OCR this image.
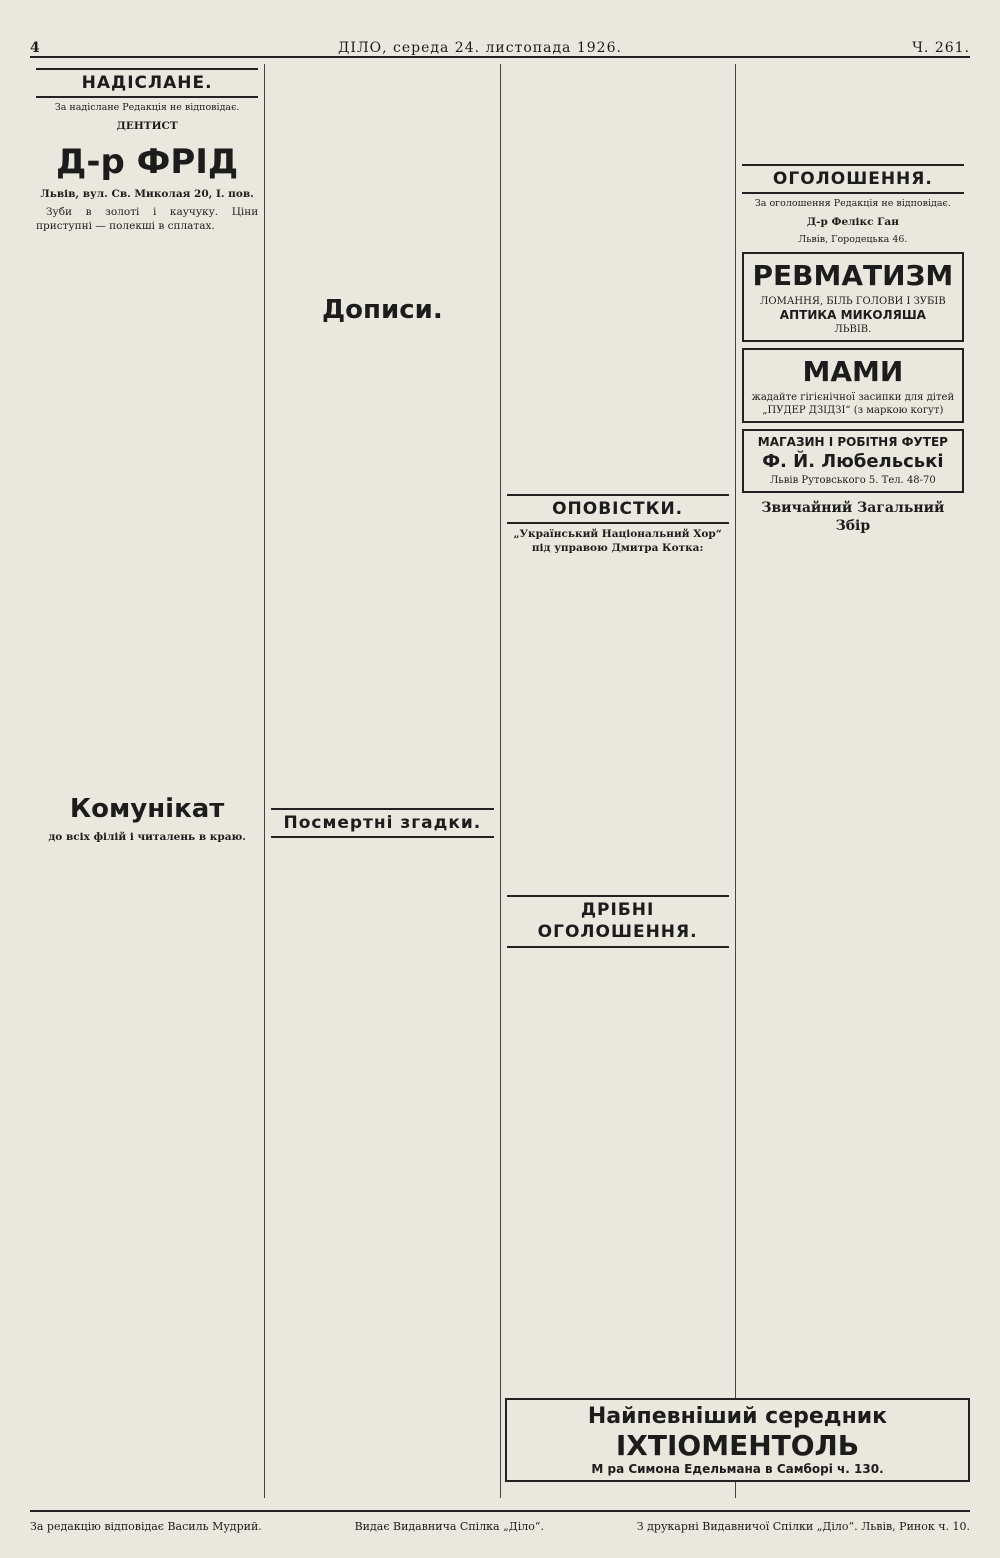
4	ДІЛО, середа 24. листопада 1926.	Ч. 261.
НАДІСЛАНЕ.
За надіслане Редакція не відповідає.
ДЕНТИСТ
Д-р ФРІД
Львів, вул. Св. Миколая 20, І. пов.

Зуби в золоті і каучуку. Ціни приступні — полекші в сплатах.

Комунікат
до всіх філій і читалень в краю.
Дописи.
Посмертні згадки.
ОПОВІСТКИ.
„Український Національний Хор“ під управою Дмитра Котка:
ДРІБНІ ОГОЛОШЕННЯ.
ОГОЛОШЕННЯ.
За оголошення Редакція не відповідає.
Д-р Фелікс Ган
Львів, Городецька 46.
РЕВМАТИЗМ
ЛОМАННЯ, БІЛЬ ГОЛОВИ І ЗУБІВ
АПТИКА МИКОЛЯША
ЛЬВІВ.
МАМИ
жадайте гігієнічної засипки для дітей „ПУДЕР ДЗІДЗІ“ (з маркою когут)
МАГАЗИН І РОБІТНЯ ФУТЕР
Ф. Й. Любельські
Львів Рутовського 5. Тел. 48-70
Звичайний Загальний Збір
Найпевніший середник
ІХТІОМЕНТОЛЬ
М ра Симона Едельмана в Самборі ч. 130.
За редакцію відповідає Василь Мудрий.	Видає Видавнича Спілка „Діло“.	З друкарні Видавничої Спілки „Діло“. Львів, Ринок ч. 10.
